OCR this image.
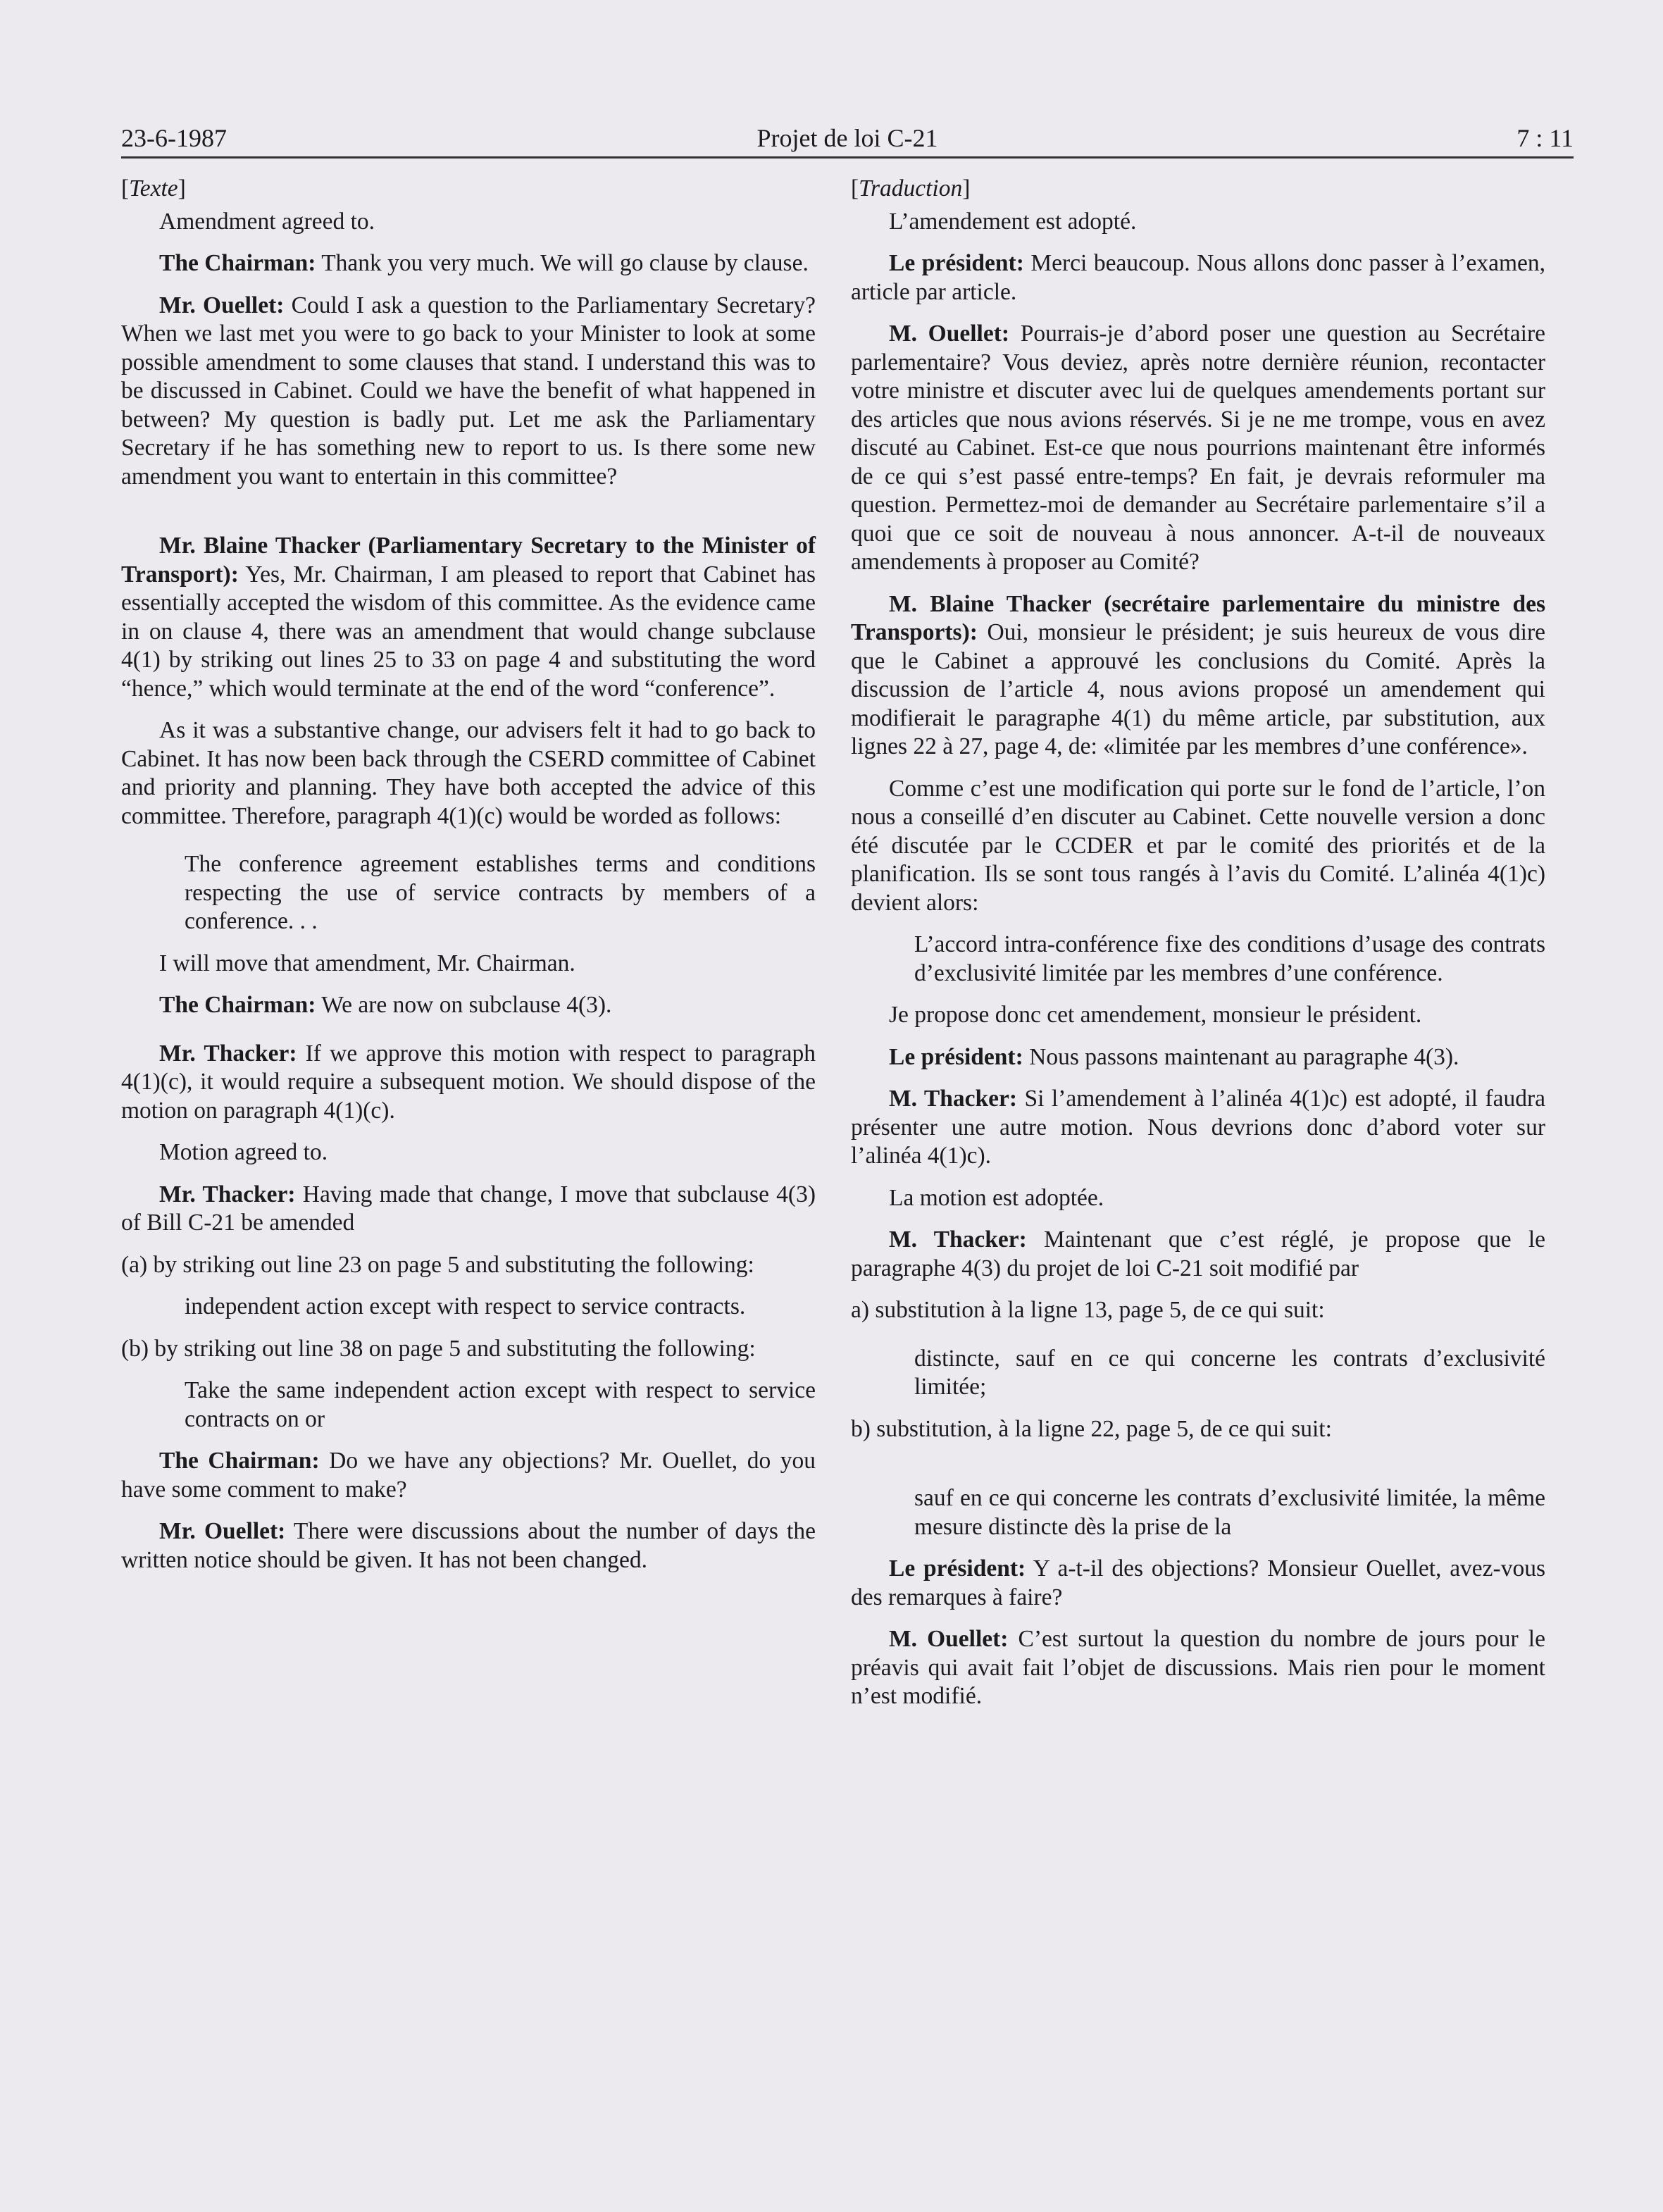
23-6-1987	Projet de loi C-21	7 : 11

[Texte]

Amendment agreed to.

The Chairman: Thank you very much. We will go clause by clause.

Mr. Ouellet: Could I ask a question to the Parliamentary Secretary? When we last met you were to go back to your Minister to look at some possible amendment to some clauses that stand. I understand this was to be discussed in Cabinet. Could we have the benefit of what happened in between? My question is badly put. Let me ask the Parliamentary Secretary if he has something new to report to us. Is there some new amendment you want to entertain in this committee?

Mr. Blaine Thacker (Parliamentary Secretary to the Minister of Transport): Yes, Mr. Chairman, I am pleased to report that Cabinet has essentially accepted the wisdom of this committee. As the evidence came in on clause 4, there was an amendment that would change subclause 4(1) by striking out lines 25 to 33 on page 4 and substituting the word “hence,” which would terminate at the end of the word “conference”.

As it was a substantive change, our advisers felt it had to go back to Cabinet. It has now been back through the CSERD committee of Cabinet and priority and planning. They have both accepted the advice of this committee. Therefore, paragraph 4(1)(c) would be worded as follows:

The conference agreement establishes terms and conditions respecting the use of service contracts by members of a conference. . .

I will move that amendment, Mr. Chairman.

The Chairman: We are now on subclause 4(3).

Mr. Thacker: If we approve this motion with respect to paragraph 4(1)(c), it would require a subsequent motion. We should dispose of the motion on paragraph 4(1)(c).

Motion agreed to.

Mr. Thacker: Having made that change, I move that subclause 4(3) of Bill C-21 be amended

(a) by striking out line 23 on page 5 and substituting the following:

independent action except with respect to service contracts.

(b) by striking out line 38 on page 5 and substituting the following:

Take the same independent action except with respect to service contracts on or

The Chairman: Do we have any objections? Mr. Ouellet, do you have some comment to make?

Mr. Ouellet: There were discussions about the number of days the written notice should be given. It has not been changed.

[Traduction]

L’amendement est adopté.

Le président: Merci beaucoup. Nous allons donc passer à l’examen, article par article.

M. Ouellet: Pourrais-je d’abord poser une question au Secrétaire parlementaire? Vous deviez, après notre dernière réunion, recontacter votre ministre et discuter avec lui de quelques amendements portant sur des articles que nous avions réservés. Si je ne me trompe, vous en avez discuté au Cabinet. Est-ce que nous pourrions maintenant être informés de ce qui s’est passé entre-temps? En fait, je devrais reformuler ma question. Permettez-moi de demander au Secrétaire parlementaire s’il a quoi que ce soit de nouveau à nous annoncer. A-t-il de nouveaux amendements à proposer au Comité?

M. Blaine Thacker (secrétaire parlementaire du ministre des Transports): Oui, monsieur le président; je suis heureux de vous dire que le Cabinet a approuvé les conclusions du Comité. Après la discussion de l’article 4, nous avions proposé un amendement qui modifierait le paragraphe 4(1) du même article, par substitution, aux lignes 22 à 27, page 4, de: «limitée par les membres d’une conférence».

Comme c’est une modification qui porte sur le fond de l’article, l’on nous a conseillé d’en discuter au Cabinet. Cette nouvelle version a donc été discutée par le CCDER et par le comité des priorités et de la planification. Ils se sont tous rangés à l’avis du Comité. L’alinéa 4(1)c) devient alors:

L’accord intra-conférence fixe des conditions d’usage des contrats d’exclusivité limitée par les membres d’une conférence.

Je propose donc cet amendement, monsieur le président.

Le président: Nous passons maintenant au paragraphe 4(3).

M. Thacker: Si l’amendement à l’alinéa 4(1)c) est adopté, il faudra présenter une autre motion. Nous devrions donc d’abord voter sur l’alinéa 4(1)c).

La motion est adoptée.

M. Thacker: Maintenant que c’est réglé, je propose que le paragraphe 4(3) du projet de loi C-21 soit modifié par

a) substitution à la ligne 13, page 5, de ce qui suit:

distincte, sauf en ce qui concerne les contrats d’exclusivité limitée;

b) substitution, à la ligne 22, page 5, de ce qui suit:

sauf en ce qui concerne les contrats d’exclusivité limitée, la même mesure distincte dès la prise de la

Le président: Y a-t-il des objections? Monsieur Ouellet, avez-vous des remarques à faire?

M. Ouellet: C’est surtout la question du nombre de jours pour le préavis qui avait fait l’objet de discussions. Mais rien pour le moment n’est modifié.
